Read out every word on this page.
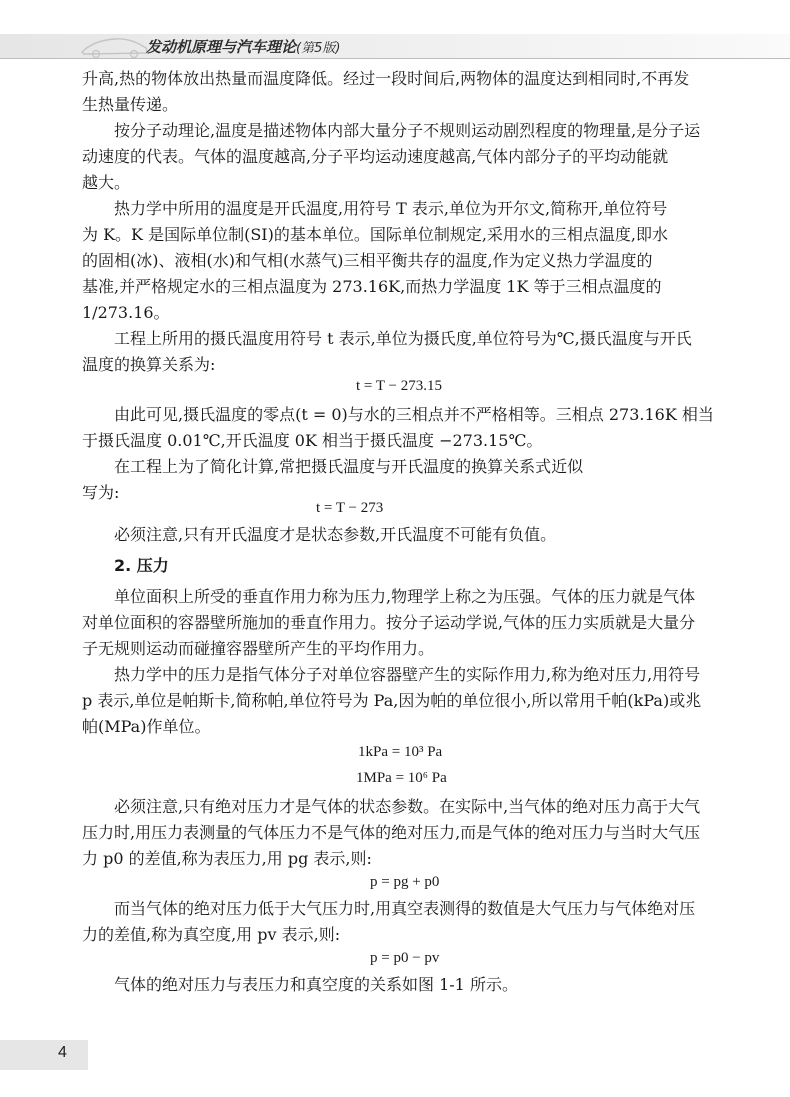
发动机原理与汽车理论(第5版)
升高,热的物体放出热量而温度降低。经过一段时间后,两物体的温度达到相同时,不再发
生热量传递。
按分子动理论,温度是描述物体内部大量分子不规则运动剧烈程度的物理量,是分子运
动速度的代表。气体的温度越高,分子平均运动速度越高,气体内部分子的平均动能就
越大。
热力学中所用的温度是开氏温度,用符号 T 表示,单位为开尔文,简称开,单位符号
为 K。K 是国际单位制(SI)的基本单位。国际单位制规定,采用水的三相点温度,即水
的固相(冰)、液相(水)和气相(水蒸气)三相平衡共存的温度,作为定义热力学温度的
基准,并严格规定水的三相点温度为 273.16K,而热力学温度 1K 等于三相点温度的
1/273.16。
工程上所用的摄氏温度用符号 t 表示,单位为摄氏度,单位符号为℃,摄氏温度与开氏
温度的换算关系为:
t = T − 273.15
由此可见,摄氏温度的零点(t = 0)与水的三相点并不严格相等。三相点 273.16K 相当
于摄氏温度 0.01℃,开氏温度 0K 相当于摄氏温度 −273.15℃。
在工程上为了简化计算,常把摄氏温度与开氏温度的换算关系式近似
写为:
t = T − 273
必须注意,只有开氏温度才是状态参数,开氏温度不可能有负值。
2. 压力
单位面积上所受的垂直作用力称为压力,物理学上称之为压强。气体的压力就是气体
对单位面积的容器壁所施加的垂直作用力。按分子运动学说,气体的压力实质就是大量分
子无规则运动而碰撞容器壁所产生的平均作用力。
热力学中的压力是指气体分子对单位容器壁产生的实际作用力,称为绝对压力,用符号
p 表示,单位是帕斯卡,简称帕,单位符号为 Pa,因为帕的单位很小,所以常用千帕(kPa)或兆
帕(MPa)作单位。
1kPa = 10³ Pa
1MPa = 10⁶ Pa
必须注意,只有绝对压力才是气体的状态参数。在实际中,当气体的绝对压力高于大气
压力时,用压力表测量的气体压力不是气体的绝对压力,而是气体的绝对压力与当时大气压
力 p0 的差值,称为表压力,用 pg 表示,则:
p = pg + p0
而当气体的绝对压力低于大气压力时,用真空表测得的数值是大气压力与气体绝对压
力的差值,称为真空度,用 pv 表示,则:
p = p0 − pv
气体的绝对压力与表压力和真空度的关系如图 1-1 所示。
4
